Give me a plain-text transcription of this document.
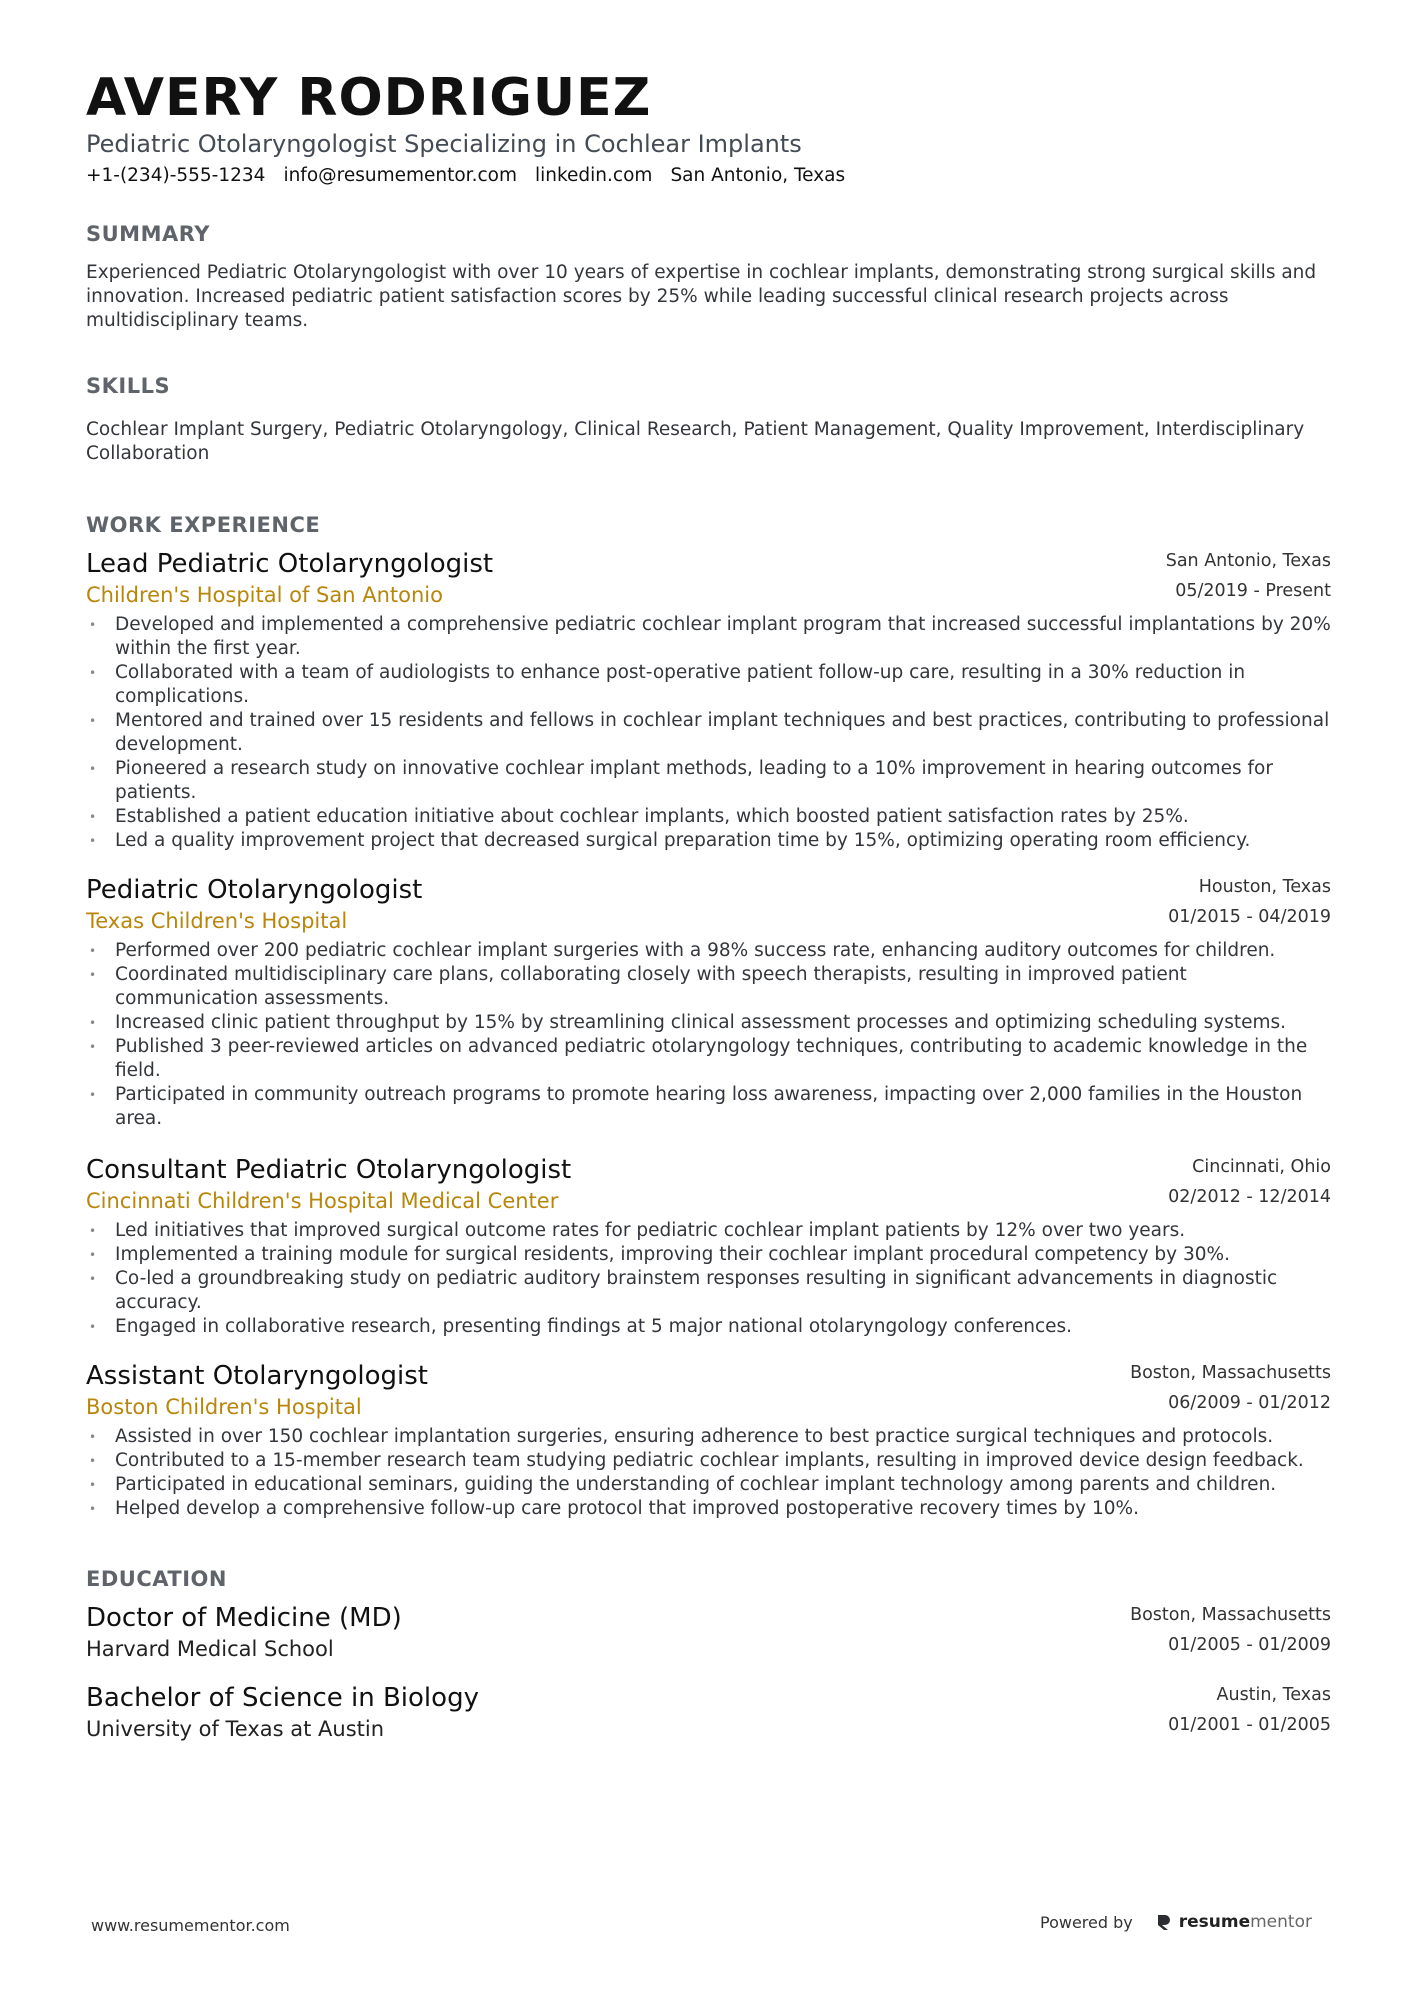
AVERY RODRIGUEZ
Pediatric Otolaryngologist Specializing in Cochlear Implants
+1-(234)-555-1234 info@resumementor.com linkedin.com San Antonio, Texas
SUMMARY
Experienced Pediatric Otolaryngologist with over 10 years of expertise in cochlear implants, demonstrating strong surgical skills and innovation. Increased pediatric patient satisfaction scores by 25% while leading successful clinical research projects across multidisciplinary teams.
SKILLS
Cochlear Implant Surgery, Pediatric Otolaryngology, Clinical Research, Patient Management, Quality Improvement, Interdisciplinary Collaboration
WORK EXPERIENCE
Lead Pediatric Otolaryngologist
Children's Hospital of San Antonio
San Antonio, Texas
05/2019 - Present
• Developed and implemented a comprehensive pediatric cochlear implant program that increased successful implantations by 20% within the first year.
• Collaborated with a team of audiologists to enhance post-operative patient follow-up care, resulting in a 30% reduction in complications.
• Mentored and trained over 15 residents and fellows in cochlear implant techniques and best practices, contributing to professional development.
• Pioneered a research study on innovative cochlear implant methods, leading to a 10% improvement in hearing outcomes for patients.
• Established a patient education initiative about cochlear implants, which boosted patient satisfaction rates by 25%.
• Led a quality improvement project that decreased surgical preparation time by 15%, optimizing operating room efficiency.
Pediatric Otolaryngologist
Texas Children's Hospital
Houston, Texas
01/2015 - 04/2019
• Performed over 200 pediatric cochlear implant surgeries with a 98% success rate, enhancing auditory outcomes for children.
• Coordinated multidisciplinary care plans, collaborating closely with speech therapists, resulting in improved patient communication assessments.
• Increased clinic patient throughput by 15% by streamlining clinical assessment processes and optimizing scheduling systems.
• Published 3 peer-reviewed articles on advanced pediatric otolaryngology techniques, contributing to academic knowledge in the field.
• Participated in community outreach programs to promote hearing loss awareness, impacting over 2,000 families in the Houston area.
Consultant Pediatric Otolaryngologist
Cincinnati Children's Hospital Medical Center
Cincinnati, Ohio
02/2012 - 12/2014
• Led initiatives that improved surgical outcome rates for pediatric cochlear implant patients by 12% over two years.
• Implemented a training module for surgical residents, improving their cochlear implant procedural competency by 30%.
• Co-led a groundbreaking study on pediatric auditory brainstem responses resulting in significant advancements in diagnostic accuracy.
• Engaged in collaborative research, presenting findings at 5 major national otolaryngology conferences.
Assistant Otolaryngologist
Boston Children's Hospital
Boston, Massachusetts
06/2009 - 01/2012
• Assisted in over 150 cochlear implantation surgeries, ensuring adherence to best practice surgical techniques and protocols.
• Contributed to a 15-member research team studying pediatric cochlear implants, resulting in improved device design feedback.
• Participated in educational seminars, guiding the understanding of cochlear implant technology among parents and children.
• Helped develop a comprehensive follow-up care protocol that improved postoperative recovery times by 10%.
EDUCATION
Doctor of Medicine (MD)
Harvard Medical School
Boston, Massachusetts
01/2005 - 01/2009
Bachelor of Science in Biology
University of Texas at Austin
Austin, Texas
01/2001 - 01/2005
www.resumementor.com	Powered by	resumementor
